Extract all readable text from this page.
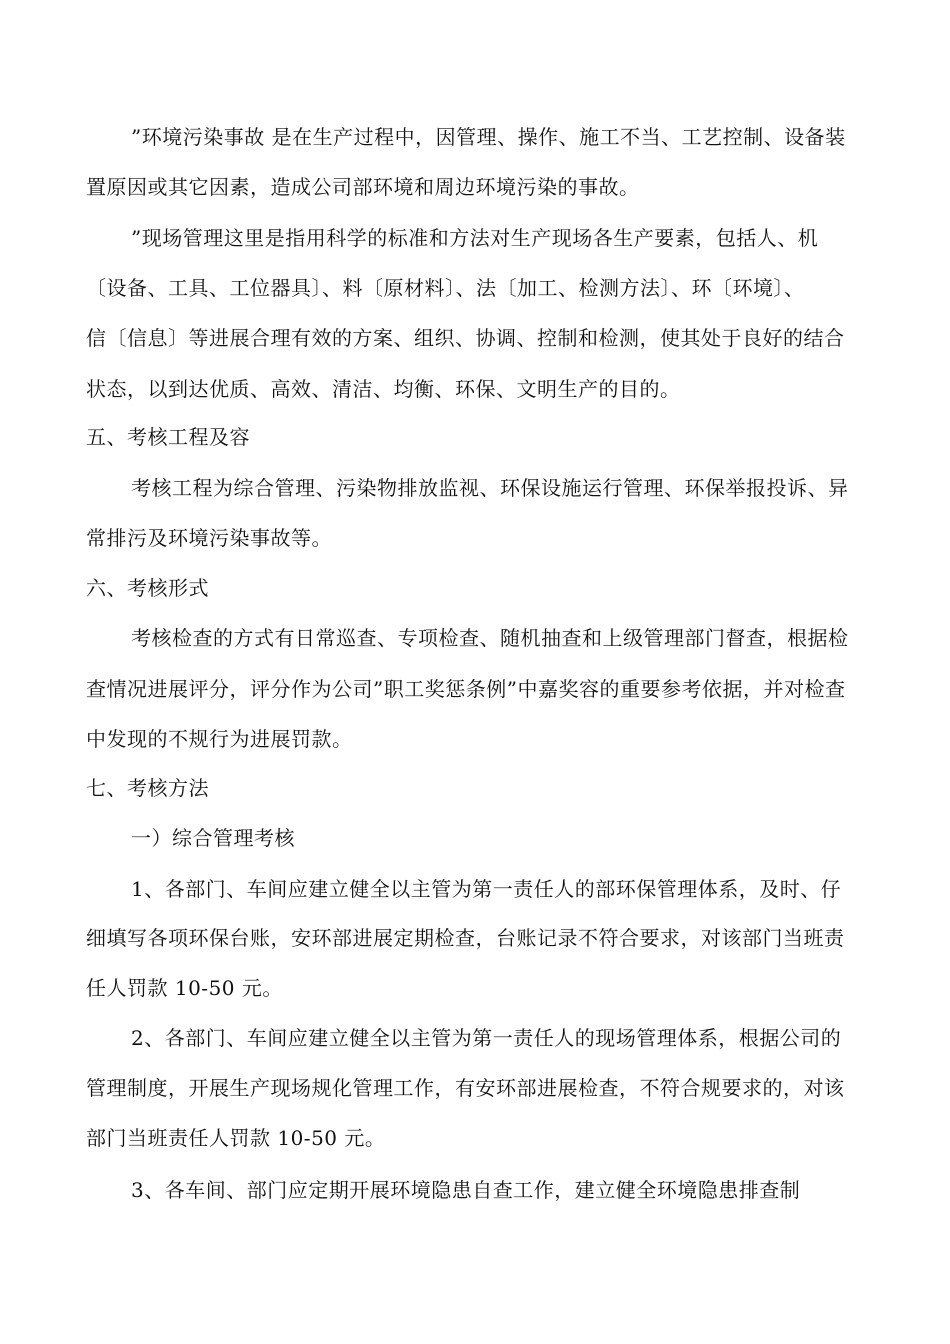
”环境污染事故 是在生产过程中，因管理、操作、施工不当、工艺控制、设备装
置原因或其它因素，造成公司部环境和周边环境污染的事故。
”现场管理这里是指用科学的标准和方法对生产现场各生产要素，包括人、机
〔设备、工具、工位器具〕、料〔原材料〕、法〔加工、检测方法〕、环〔环境〕、
信〔信息〕等进展合理有效的方案、组织、协调、控制和检测，使其处于良好的结合
状态，以到达优质、高效、清洁、均衡、环保、文明生产的目的。
五、考核工程及容
考核工程为综合管理、污染物排放监视、环保设施运行管理、环保举报投诉、异
常排污及环境污染事故等。
六、考核形式
考核检查的方式有日常巡查、专项检查、随机抽查和上级管理部门督查，根据检
查情况进展评分，评分作为公司”职工奖惩条例”中嘉奖容的重要参考依据，并对检查
中发现的不规行为进展罚款。
七、考核方法
一）综合管理考核
1、各部门、车间应建立健全以主管为第一责任人的部环保管理体系，及时、仔
细填写各项环保台账，安环部进展定期检查，台账记录不符合要求，对该部门当班责
任人罚款 10-50 元。
2、各部门、车间应建立健全以主管为第一责任人的现场管理体系，根据公司的
管理制度，开展生产现场规化管理工作，有安环部进展检查，不符合规要求的，对该
部门当班责任人罚款 10-50 元。
3、各车间、部门应定期开展环境隐患自查工作，建立健全环境隐患排查制
